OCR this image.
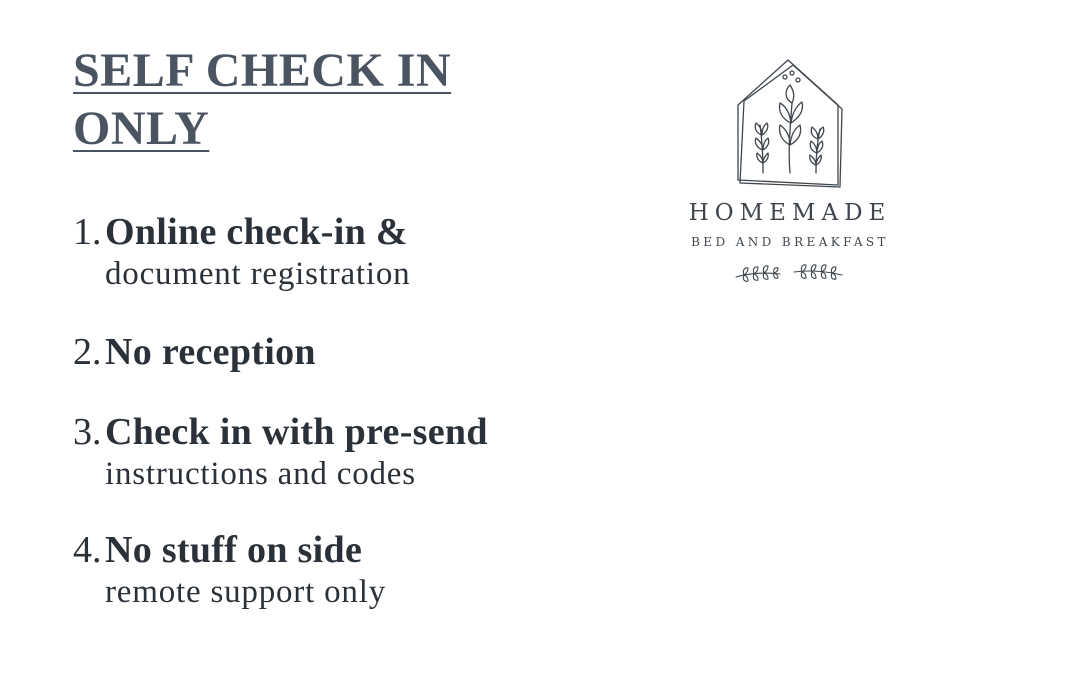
SELF CHECK IN ONLY
1. Online check-in &
document registration
2. No reception
3. Check in with pre-send
instructions and codes
4. No stuff on side
remote support only
HOMEMADE
BED AND BREAKFAST
